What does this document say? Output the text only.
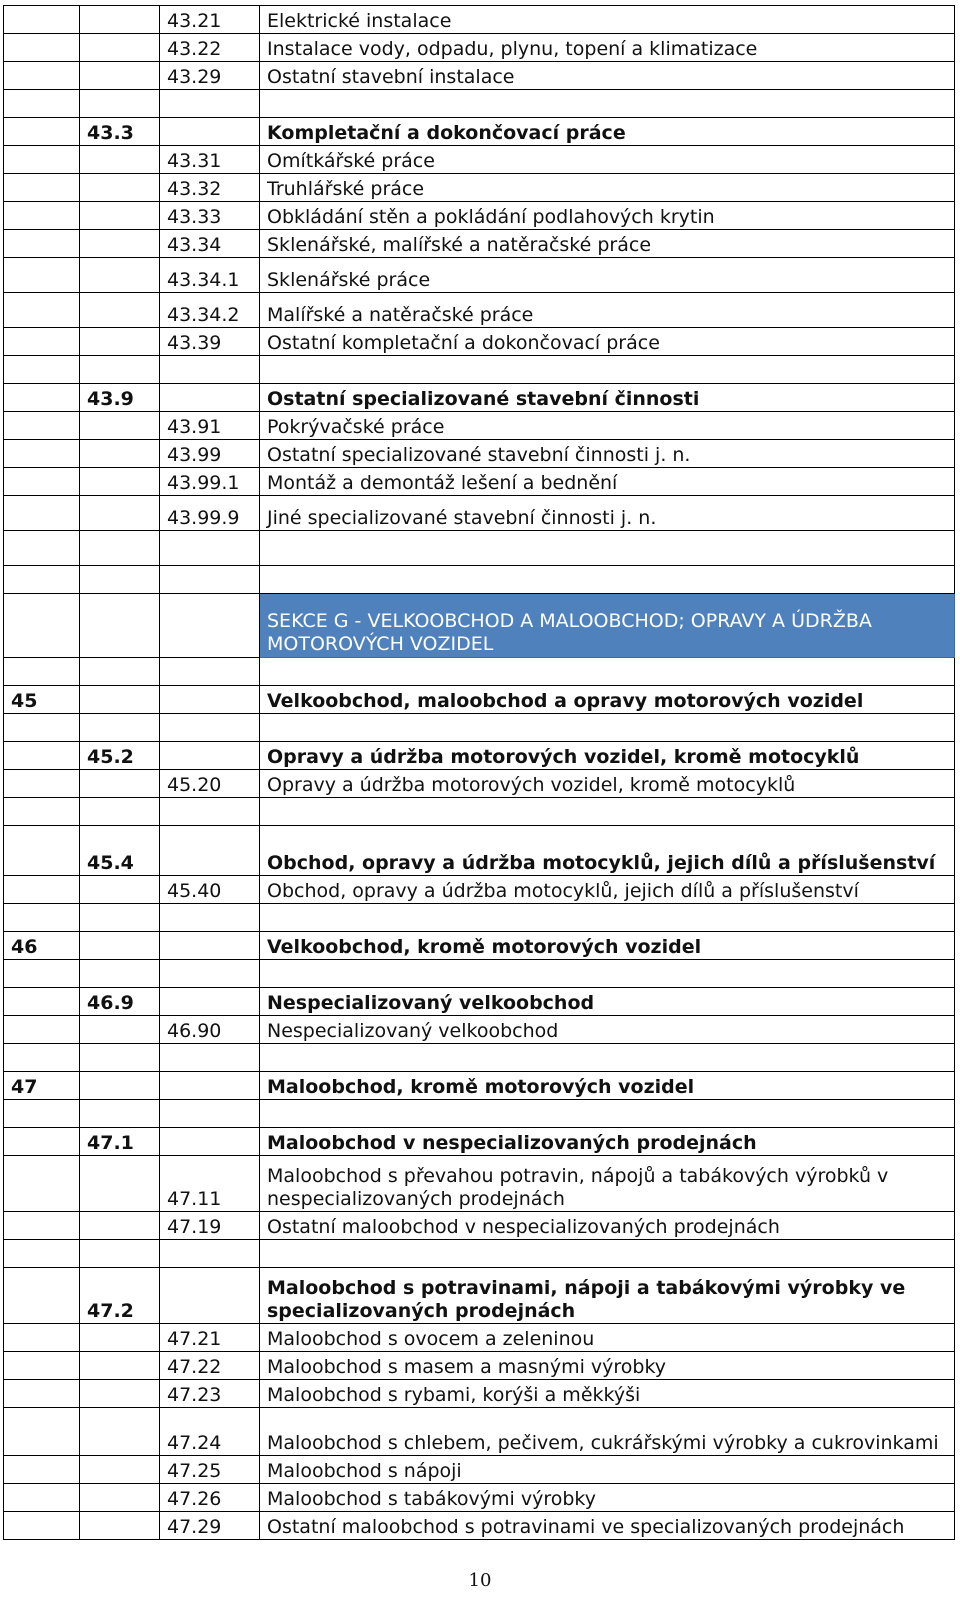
		43.21	Elektrické instalace
		43.22	Instalace vody, odpadu, plynu, topení a klimatizace
		43.29	Ostatní stavební instalace

	43.3		Kompletační a dokončovací práce
		43.31	Omítkářské práce
		43.32	Truhlářské práce
		43.33	Obkládání stěn a pokládání podlahových krytin
		43.34	Sklenářské, malířské a natěračské práce
		43.34.1	Sklenářské práce
		43.34.2	Malířské a natěračské práce
		43.39	Ostatní kompletační a dokončovací práce

	43.9		Ostatní specializované stavební činnosti
		43.91	Pokrývačské práce
		43.99	Ostatní specializované stavební činnosti j. n.
		43.99.1	Montáž a demontáž lešení a bednění
		43.99.9	Jiné specializované stavební činnosti j. n.

			SEKCE G - VELKOOBCHOD A MALOOBCHOD; OPRAVY A ÚDRŽBA MOTOROVÝCH VOZIDEL

45			Velkoobchod, maloobchod a opravy motorových vozidel

	45.2		Opravy a údržba motorových vozidel, kromě motocyklů
		45.20	Opravy a údržba motorových vozidel, kromě motocyklů

	45.4		Obchod, opravy a údržba motocyklů, jejich dílů a příslušenství
		45.40	Obchod, opravy a údržba motocyklů, jejich dílů a příslušenství

46			Velkoobchod, kromě motorových vozidel

	46.9		Nespecializovaný velkoobchod
		46.90	Nespecializovaný velkoobchod

47			Maloobchod, kromě motorových vozidel

	47.1		Maloobchod v nespecializovaných prodejnách
		47.11	Maloobchod s převahou potravin, nápojů a tabákových výrobků v nespecializovaných prodejnách
		47.19	Ostatní maloobchod v nespecializovaných prodejnách

	47.2		Maloobchod s potravinami, nápoji a tabákovými výrobky ve specializovaných prodejnách
		47.21	Maloobchod s ovocem a zeleninou
		47.22	Maloobchod s masem a masnými výrobky
		47.23	Maloobchod s rybami, korýši a měkkýši
		47.24	Maloobchod s chlebem, pečivem, cukrářskými výrobky a cukrovinkami
		47.25	Maloobchod s nápoji
		47.26	Maloobchod s tabákovými výrobky
		47.29	Ostatní maloobchod s potravinami ve specializovaných prodejnách
10
